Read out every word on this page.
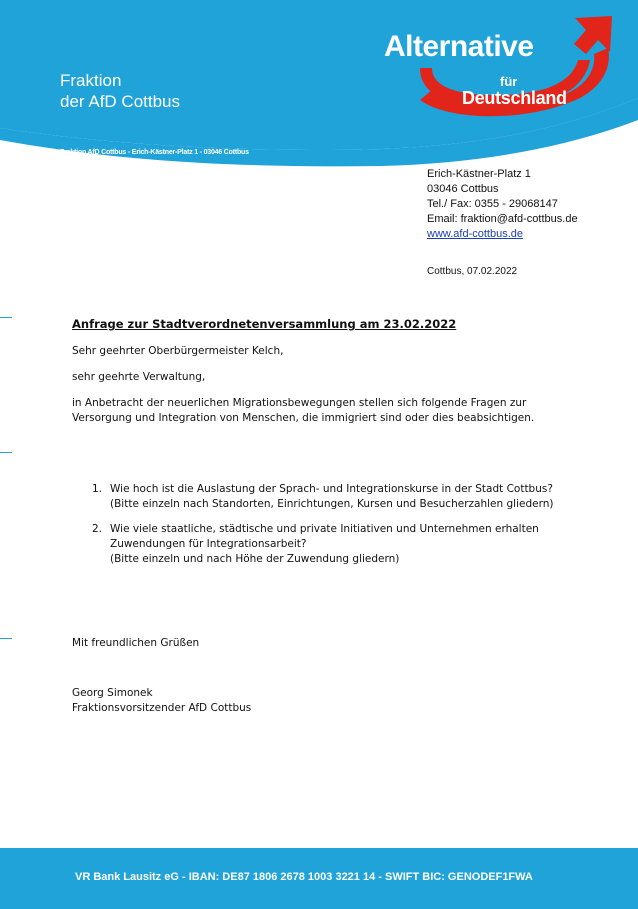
Fraktion
der AfD Cottbus
Fraktion AfD Cottbus - Erich-Kästner-Platz 1 - 03046 Cottbus
Alternative
für
Deutschland
Erich-Kästner-Platz 1
03046 Cottbus
Tel./ Fax: 0355 - 29068147
Email: fraktion@afd-cottbus.de
www.afd-cottbus.de
Cottbus, 07.02.2022
Anfrage zur Stadtverordnetenversammlung am 23.02.2022
Sehr geehrter Oberbürgermeister Kelch,
sehr geehrte Verwaltung,
in Anbetracht der neuerlichen Migrationsbewegungen stellen sich folgende Fragen zur
Versorgung und Integration von Menschen, die immigriert sind oder dies beabsichtigen.
1. Wie hoch ist die Auslastung der Sprach- und Integrationskurse in der Stadt Cottbus?
(Bitte einzeln nach Standorten, Einrichtungen, Kursen und Besucherzahlen gliedern)
2. Wie viele staatliche, städtische und private Initiativen und Unternehmen erhalten
Zuwendungen für Integrationsarbeit?
(Bitte einzeln und nach Höhe der Zuwendung gliedern)
Mit freundlichen Grüßen
Georg Simonek
Fraktionsvorsitzender AfD Cottbus
VR Bank Lausitz eG - IBAN: DE87 1806 2678 1003 3221 14 - SWIFT BIC: GENODEF1FWA
